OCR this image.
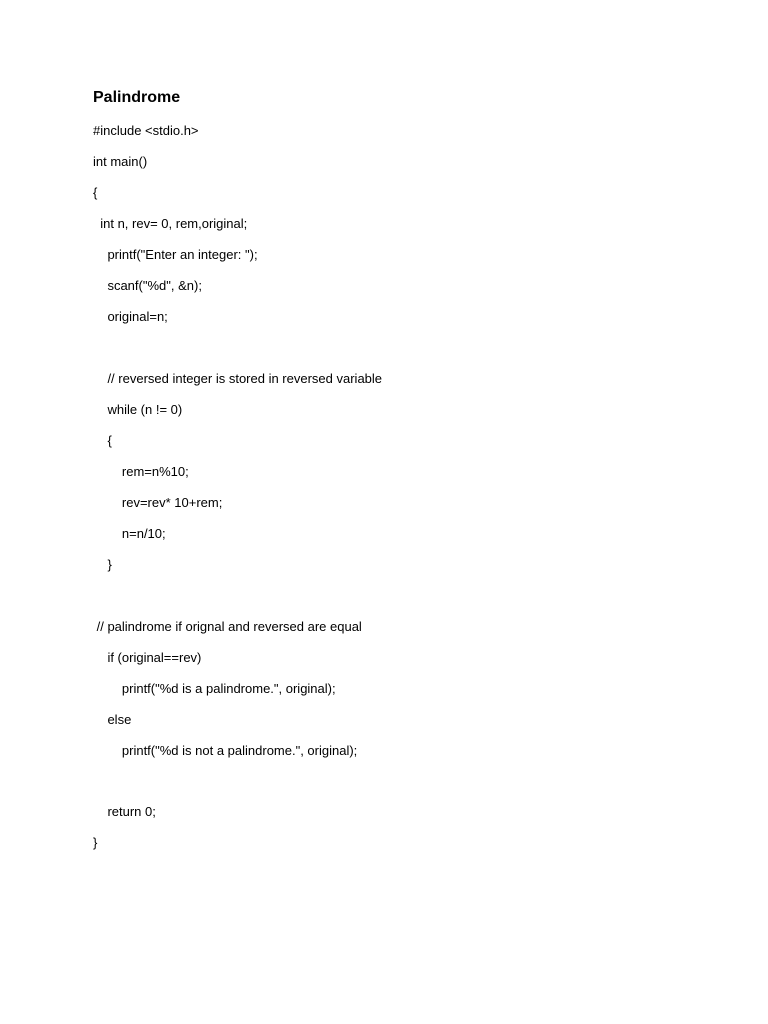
Palindrome
#include <stdio.h>
int main()
{
int n, rev= 0, rem,original;
printf("Enter an integer: ");
scanf("%d", &n);
original=n;
// reversed integer is stored in reversed variable
while (n != 0)
{
rem=n%10;
rev=rev* 10+rem;
n=n/10;
}
// palindrome if orignal and reversed are equal
if (original==rev)
printf("%d is a palindrome.", original);
else
printf("%d is not a palindrome.", original);
return 0;
}
